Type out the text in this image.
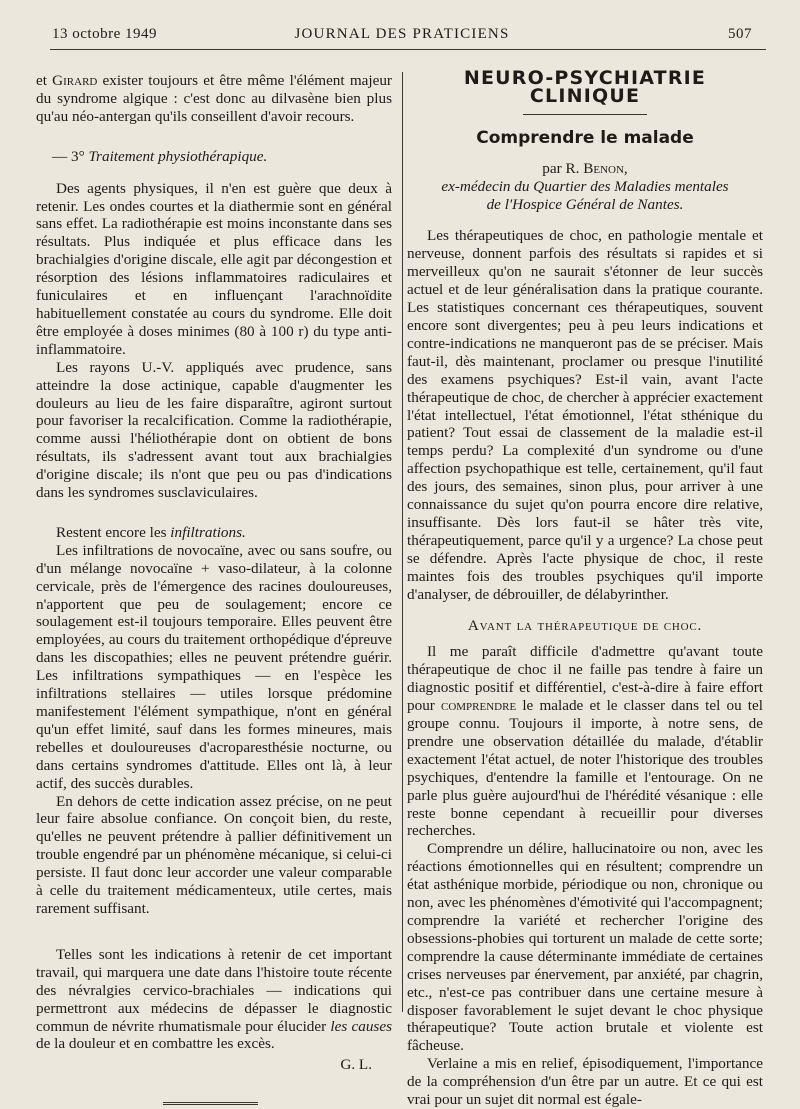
13 octobre 1949	JOURNAL DES PRATICIENS	507

et Girard exister toujours et être même l'élément majeur du syndrome algique : c'est donc au dilvasène bien plus qu'au néo-antergan qu'ils conseillent d'avoir recours.

— 3° Traitement physiothérapique.

Des agents physiques, il n'en est guère que deux à retenir. Les ondes courtes et la diathermie sont en général sans effet. La radiothérapie est moins inconstante dans ses résultats. Plus indiquée et plus efficace dans les brachialgies d'origine discale, elle agit par décongestion et résorption des lésions inflammatoires radiculaires et funiculaires et en influençant l'arachnoïdite habituellement constatée au cours du syndrome. Elle doit être employée à doses minimes (80 à 100 r) du type anti-inflammatoire.

Les rayons U.-V. appliqués avec prudence, sans atteindre la dose actinique, capable d'augmenter les douleurs au lieu de les faire disparaître, agiront surtout pour favoriser la recalcification. Comme la radiothérapie, comme aussi l'héliothérapie dont on obtient de bons résultats, ils s'adressent avant tout aux brachialgies d'origine discale; ils n'ont que peu ou pas d'indications dans les syndromes susclaviculaires.

Restent encore les infiltrations.

Les infiltrations de novocaïne, avec ou sans soufre, ou d'un mélange novocaïne + vaso-dilateur, à la colonne cervicale, près de l'émergence des racines douloureuses, n'apportent que peu de soulagement; encore ce soulagement est-il toujours temporaire. Elles peuvent être employées, au cours du traitement orthopédique d'épreuve dans les discopathies; elles ne peuvent prétendre guérir. Les infiltrations sympathiques — en l'espèce les infiltrations stellaires — utiles lorsque prédomine manifestement l'élément sympathique, n'ont en général qu'un effet limité, sauf dans les formes mineures, mais rebelles et douloureuses d'acroparesthésie nocturne, ou dans certains syndromes d'attitude. Elles ont là, à leur actif, des succès durables.

En dehors de cette indication assez précise, on ne peut leur faire absolue confiance. On conçoit bien, du reste, qu'elles ne peuvent prétendre à pallier définitivement un trouble engendré par un phénomène mécanique, si celui-ci persiste. Il faut donc leur accorder une valeur comparable à celle du traitement médicamenteux, utile certes, mais rarement suffisant.

Telles sont les indications à retenir de cet important travail, qui marquera une date dans l'histoire toute récente des névralgies cervico-brachiales — indications qui permettront aux médecins de dépasser le diagnostic commun de névrite rhumatismale pour élucider les causes de la douleur et en combattre les excès.

G. L.
NEURO-PSYCHIATRIE CLINIQUE
Comprendre le malade
par R. Benon,
ex-médecin du Quartier des Maladies mentales
de l'Hospice Général de Nantes.

Les thérapeutiques de choc, en pathologie mentale et nerveuse, donnent parfois des résultats si rapides et si merveilleux qu'on ne saurait s'étonner de leur succès actuel et de leur généralisation dans la pratique courante. Les statistiques concernant ces thérapeutiques, souvent encore sont divergentes; peu à peu leurs indications et contre-indications ne manqueront pas de se préciser. Mais faut-il, dès maintenant, proclamer ou presque l'inutilité des examens psychiques? Est-il vain, avant l'acte thérapeutique de choc, de chercher à apprécier exactement l'état intellectuel, l'état émotionnel, l'état sthénique du patient? Tout essai de classement de la maladie est-il temps perdu? La complexité d'un syndrome ou d'une affection psychopathique est telle, certainement, qu'il faut des jours, des semaines, sinon plus, pour arriver à une connaissance du sujet qu'on pourra encore dire relative, insuffisante. Dès lors faut-il se hâter très vite, thérapeutiquement, parce qu'il y a urgence? La chose peut se défendre. Après l'acte physique de choc, il reste maintes fois des troubles psychiques qu'il importe d'analyser, de débrouiller, de délabyrinther.

Avant la thérapeutique de choc.

Il me paraît difficile d'admettre qu'avant toute thérapeutique de choc il ne faille pas tendre à faire un diagnostic positif et différentiel, c'est-à-dire à faire effort pour comprendre le malade et le classer dans tel ou tel groupe connu. Toujours il importe, à notre sens, de prendre une observation détaillée du malade, d'établir exactement l'état actuel, de noter l'historique des troubles psychiques, d'entendre la famille et l'entourage. On ne parle plus guère aujourd'hui de l'hérédité vésanique : elle reste bonne cependant à recueillir pour diverses recherches.

Comprendre un délire, hallucinatoire ou non, avec les réactions émotionnelles qui en résultent; comprendre un état asthénique morbide, périodique ou non, chronique ou non, avec les phénomènes d'émotivité qui l'accompagnent; comprendre la variété et rechercher l'origine des obsessions-phobies qui torturent un malade de cette sorte; comprendre la cause déterminante immédiate de certaines crises nerveuses par énervement, par anxiété, par chagrin, etc., n'est-ce pas contribuer dans une certaine mesure à disposer favorablement le sujet devant le choc physique thérapeutique? Toute action brutale et violente est fâcheuse.

Verlaine a mis en relief, épisodiquement, l'importance de la compréhension d'un être par un autre. Et ce qui est vrai pour un sujet dit normal est égale-
